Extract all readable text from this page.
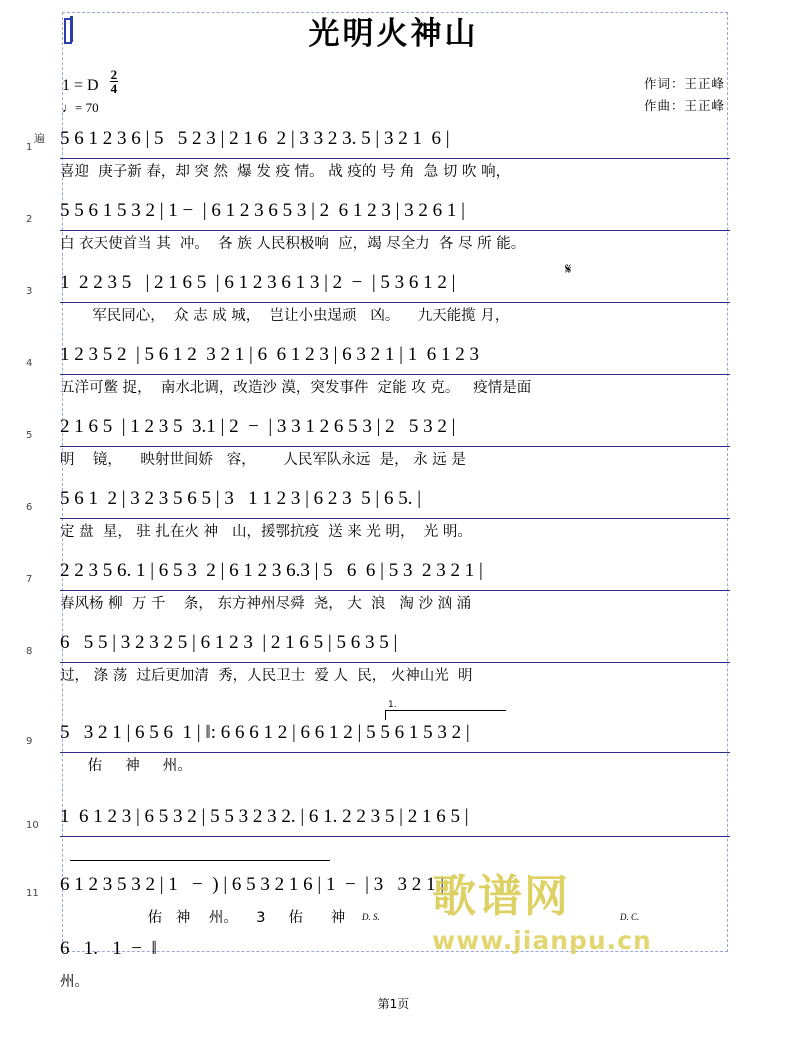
光明火神山
遍
作词：王正峰
作曲：王正峰
1 = D $\frac{2}{4}$
♩= 70
1 5 6 1 2 3 6 | 5   5 2 3 | 2 1 6  2 | 3 3 2 3. 5 | 3 2 1  6 |
喜迎  庚子新 春，却 突 然  爆 发 疫 情。 战 疫的 号 角  急 切 吹 响，
2 5 5 6 1 5 3 2 | 1 −  | 6 1 2 3 6 5 3 | 2  6 1 2 3 | 3 2 6 1 |
白 衣天使首当 其  冲。  各 族 人民积极响  应，竭 尽全力  各 尽 所 能。
3
𝄋
1  2 2 3 5   | 2 1 6 5  | 6 1 2 3 6 1 3 | 2  −  | 5 3 6 1 2 |
军民同心，  众 志 成 城，  岂让小虫逞顽   凶。    九天能揽 月，
4 1 2 3 5 2  | 5 6 1 2  3 2 1 | 6  6 1 2 3 | 6 3 2 1 | 1  6 1 2 3
五洋可鳖 捉，  南水北调，改造沙 漠，突发事件  定能 攻 克。   疫情是面
5 2 1 6 5  | 1 2 3 5  3.1 | 2  −  | 3 3 1 2 6 5 3 | 2   5 3 2 |
明    镜，    映射世间娇   容，      人民军队永远  是， 永 远 是
6 5 6 1  2 | 3 2 3 5 6 5 | 3   1 1 2 3 | 6 2 3  5 | 6 5. |
定 盘  星， 驻 扎在火 神   山，援鄂抗疫  送 来 光 明，  光 明。
7 2 2 3 5 6. 1 | 6 5 3  2 | 6 1 2 3 6.3 | 5   6  6 | 5 3  2 3 2 1 |
春风杨 柳  万 千    条， 东方神州尽舜  尧， 大  浪   淘 沙 汹 涌
8 6   5 5 | 3 2 3 2 5 | 6 1 2 3  | 2 1 6 5 | 5 6 3 5 |
过， 涤 荡  过后更加清  秀，人民卫士  爱 人  民， 火神山光  明
9
1.
5   3 2 1 | 6 5 6  1 | ‖: 6 6 6 1 2 | 6 6 1 2 | 5 5 6 1 5 3 2 |
佑     神     州。
10 1  6 1 2 3 | 6 5 3 2 | 5 5 3 2 3 2. | 6 1. 2 2 3 5 | 2 1 6 5 |
11 6 1 2 3 5 3 2 | 1   −  ) | 6 5 3 2 1 6 | 1  −  | 3   3 2 1 |
D. S.	D. C.
佑   神    州。    3     佑      神
6   1.   1  −  ‖
州。
歌谱网
www.jianpu.cn
第1页
